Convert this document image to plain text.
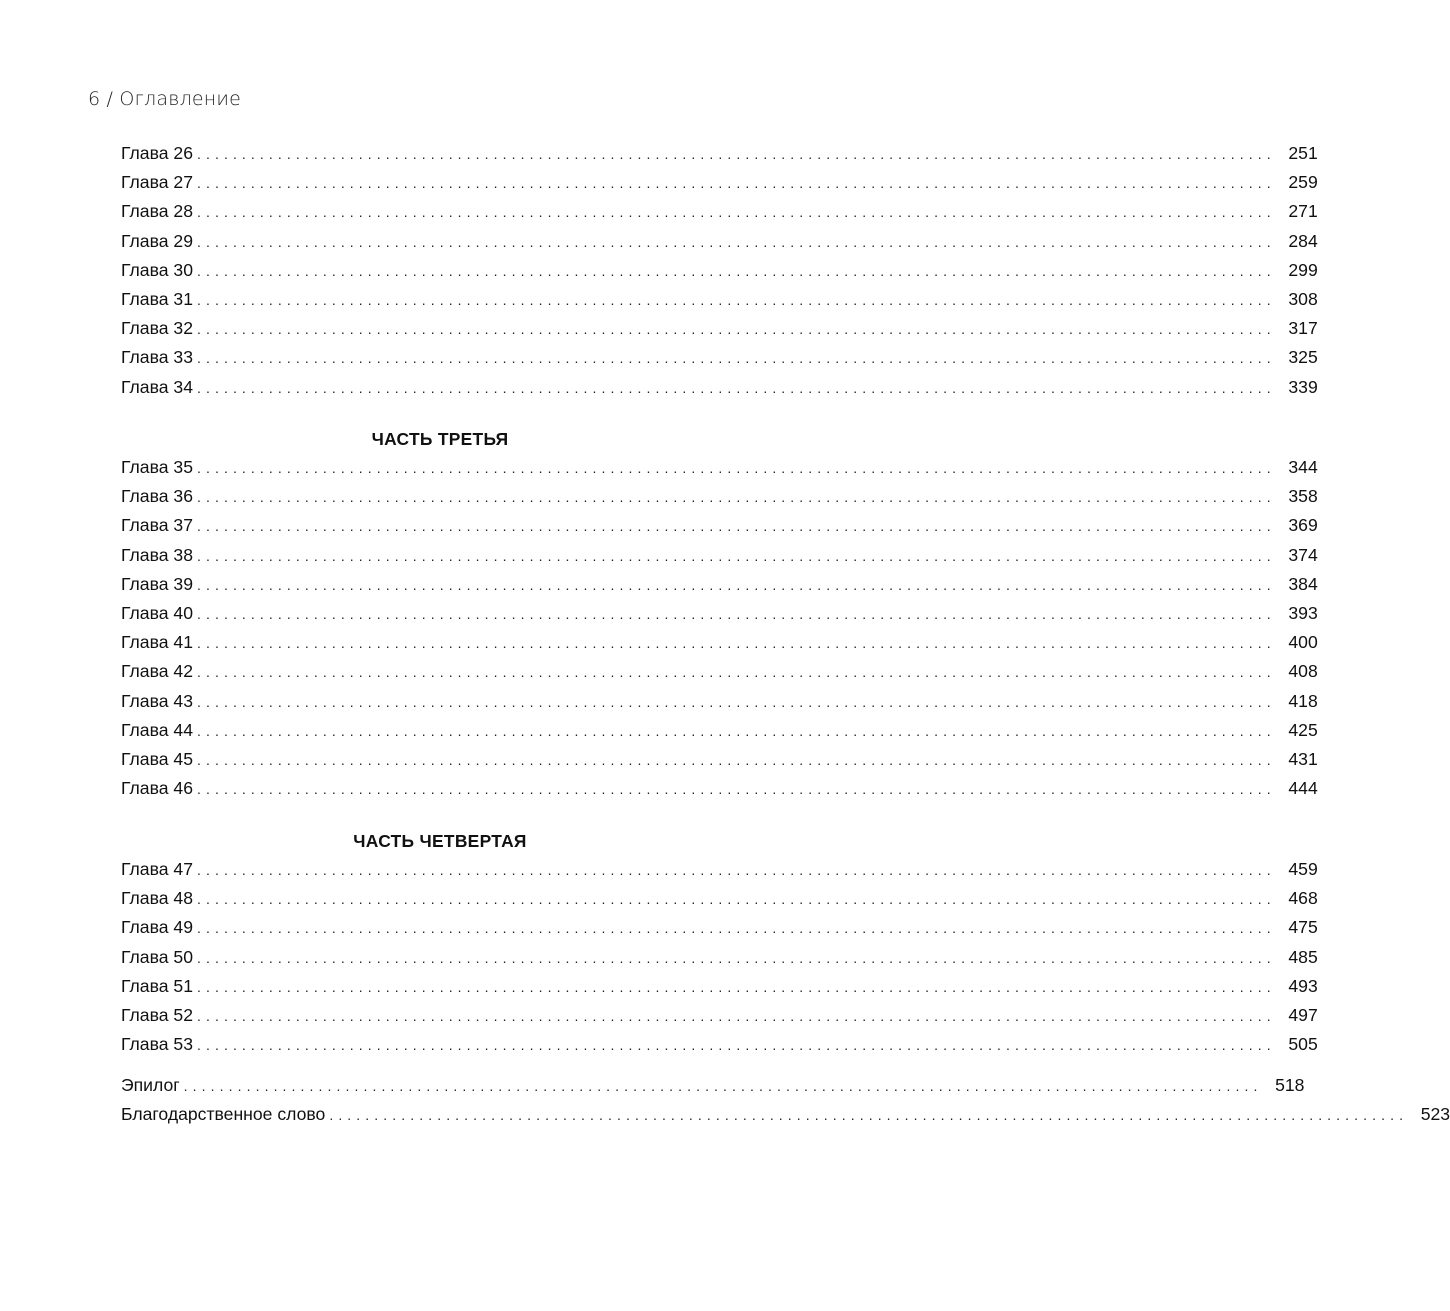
6 / Оглавление
Глава 26 ........................................................................................................................ 251
Глава 27 ........................................................................................................................ 259
Глава 28 ........................................................................................................................ 271
Глава 29 ........................................................................................................................ 284
Глава 30 ........................................................................................................................ 299
Глава 31 ........................................................................................................................ 308
Глава 32 ........................................................................................................................ 317
Глава 33 ........................................................................................................................ 325
Глава 34 ........................................................................................................................ 339
ЧАСТЬ ТРЕТЬЯ
Глава 35 ........................................................................................................................ 344
Глава 36 ........................................................................................................................ 358
Глава 37 ........................................................................................................................ 369
Глава 38 ........................................................................................................................ 374
Глава 39 ........................................................................................................................ 384
Глава 40 ........................................................................................................................ 393
Глава 41 ........................................................................................................................ 400
Глава 42 ........................................................................................................................ 408
Глава 43 ........................................................................................................................ 418
Глава 44 ........................................................................................................................ 425
Глава 45 ........................................................................................................................ 431
Глава 46 ........................................................................................................................ 444
ЧАСТЬ ЧЕТВЕРТАЯ
Глава 47 ........................................................................................................................ 459
Глава 48 ........................................................................................................................ 468
Глава 49 ........................................................................................................................ 475
Глава 50 ........................................................................................................................ 485
Глава 51 ........................................................................................................................ 493
Глава 52 ........................................................................................................................ 497
Глава 53 ........................................................................................................................ 505
Эпилог ........................................................................................................................ 518
Благодарственное слово ........................................................................................................................ 523
